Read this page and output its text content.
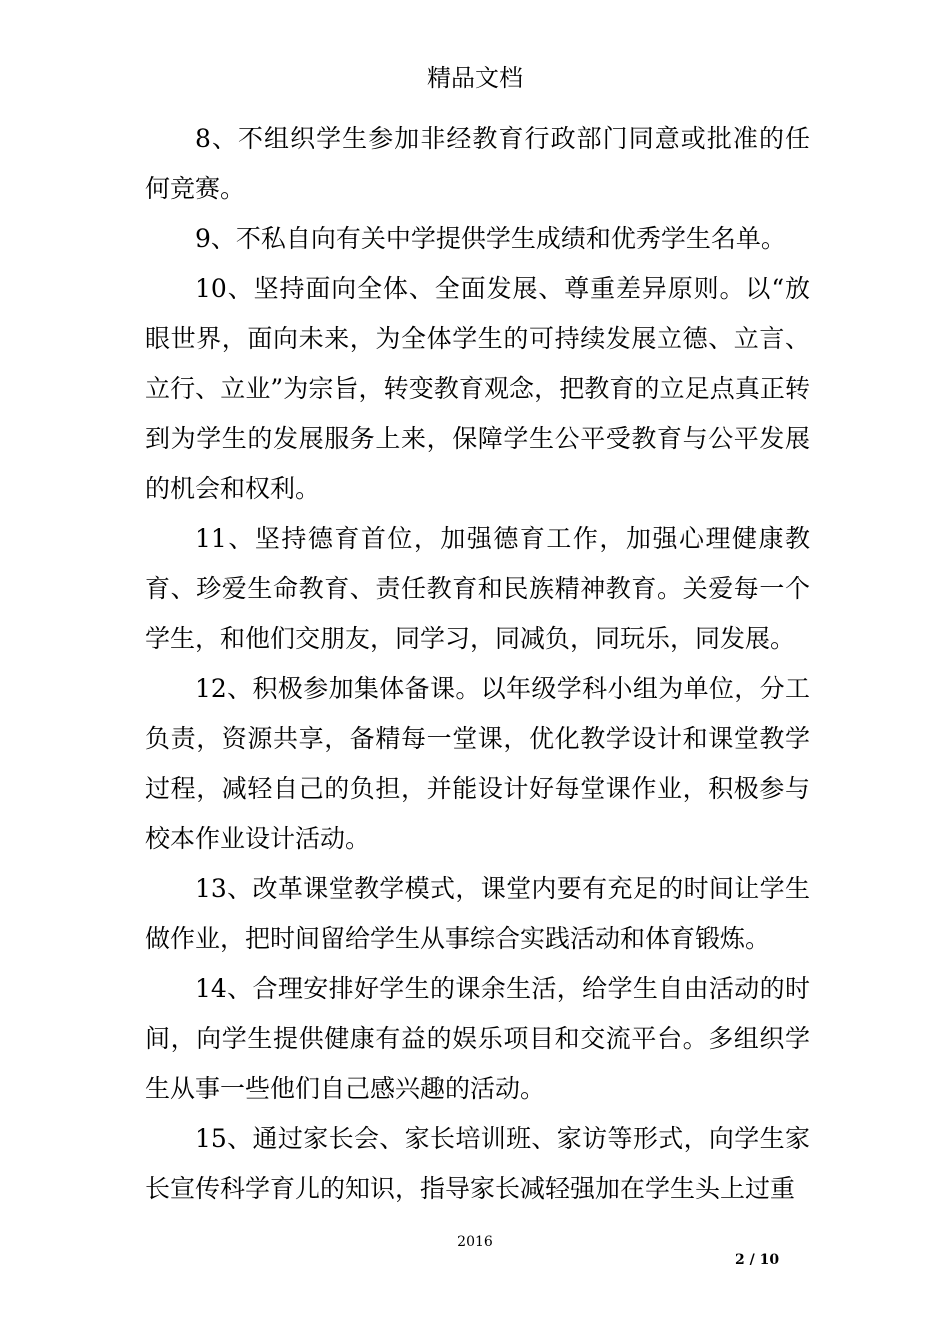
精品文档

8、不组织学生参加非经教育行政部门同意或批准的任何竞赛。

9、不私自向有关中学提供学生成绩和优秀学生名单。

10、坚持面向全体、全面发展、尊重差异原则。以“放眼世界，面向未来，为全体学生的可持续发展立德、立言、立行、立业”为宗旨，转变教育观念，把教育的立足点真正转到为学生的发展服务上来，保障学生公平受教育与公平发展的机会和权利。

11、坚持德育首位，加强德育工作，加强心理健康教育、珍爱生命教育、责任教育和民族精神教育。关爱每一个学生，和他们交朋友，同学习，同减负，同玩乐，同发展。

12、积极参加集体备课。以年级学科小组为单位，分工负责，资源共享，备精每一堂课，优化教学设计和课堂教学过程，减轻自己的负担，并能设计好每堂课作业，积极参与校本作业设计活动。

13、改革课堂教学模式，课堂内要有充足的时间让学生做作业，把时间留给学生从事综合实践活动和体育锻炼。

14、合理安排好学生的课余生活，给学生自由活动的时间，向学生提供健康有益的娱乐项目和交流平台。多组织学生从事一些他们自己感兴趣的活动。

15、通过家长会、家长培训班、家访等形式，向学生家长宣传科学育儿的知识，指导家长减轻强加在学生头上过重

2016
2 / 10
